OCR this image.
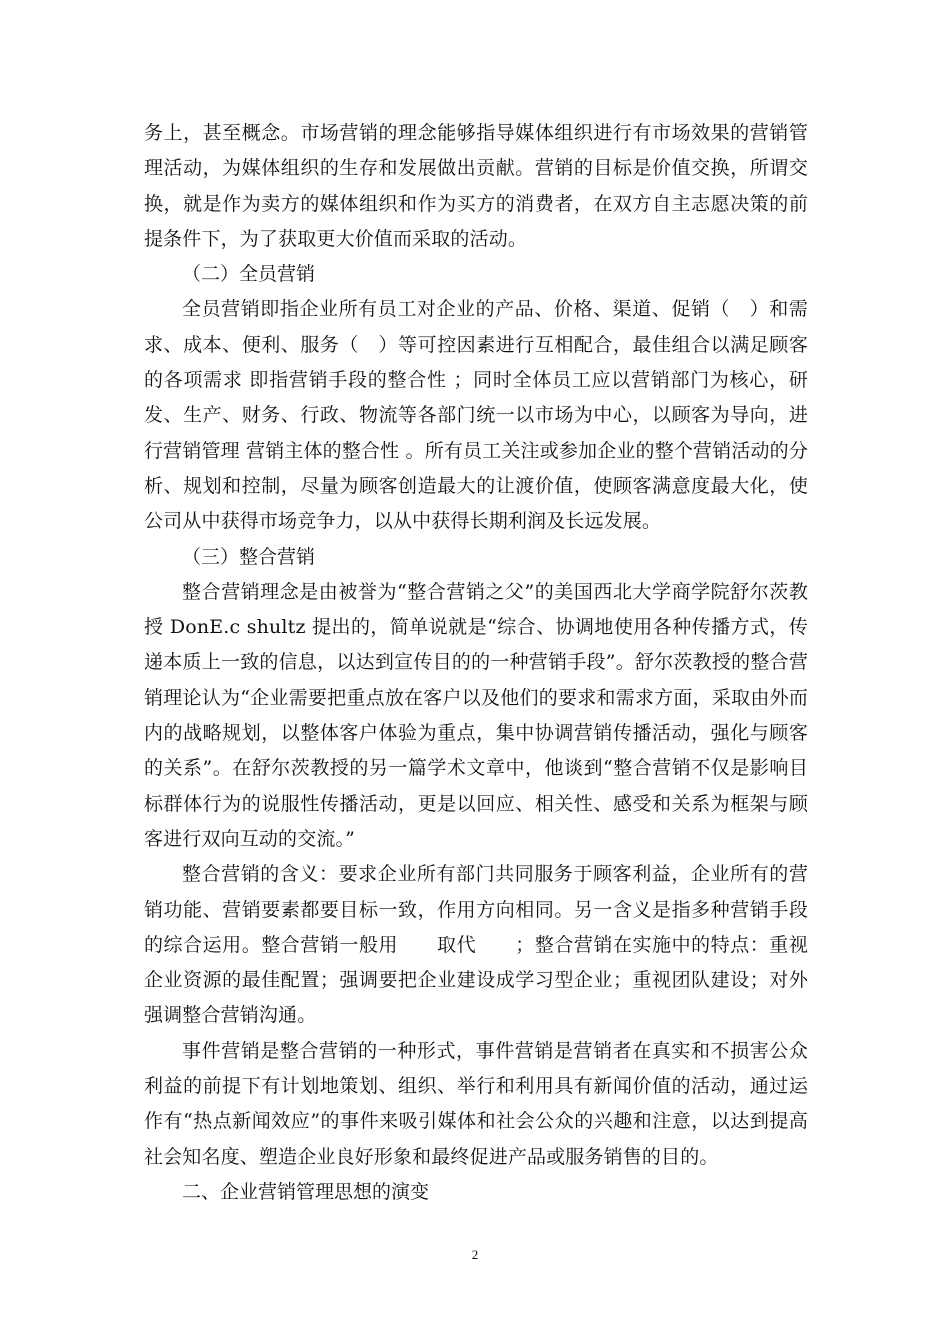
务上，甚至概念。市场营销的理念能够指导媒体组织进行有市场效果的营销管理活动，为媒体组织的生存和发展做出贡献。营销的目标是价值交换，所谓交换，就是作为卖方的媒体组织和作为买方的消费者，在双方自主志愿决策的前提条件下，为了获取更大价值而采取的活动。

（二）全员营销

全员营销即指企业所有员工对企业的产品、价格、渠道、促销（　）和需求、成本、便利、服务（　）等可控因素进行互相配合，最佳组合以满足顾客的各项需求 即指营销手段的整合性 ；同时全体员工应以营销部门为核心，研发、生产、财务、行政、物流等各部门统一以市场为中心，以顾客为导向，进行营销管理 营销主体的整合性 。所有员工关注或参加企业的整个营销活动的分析、规划和控制，尽量为顾客创造最大的让渡价值，使顾客满意度最大化，使公司从中获得市场竞争力，以从中获得长期利润及长远发展。

（三）整合营销

整合营销理念是由被誉为“整合营销之父”的美国西北大学商学院舒尔茨教授 DonE.c shultz 提出的，简单说就是“综合、协调地使用各种传播方式，传递本质上一致的信息，以达到宣传目的的一种营销手段”。舒尔茨教授的整合营销理论认为“企业需要把重点放在客户以及他们的要求和需求方面，采取由外而内的战略规划，以整体客户体验为重点，集中协调营销传播活动，强化与顾客的关系”。在舒尔茨教授的另一篇学术文章中，他谈到“整合营销不仅是影响目标群体行为的说服性传播活动，更是以回应、相关性、感受和关系为框架与顾客进行双向互动的交流。”

整合营销的含义：要求企业所有部门共同服务于顾客利益，企业所有的营销功能、营销要素都要目标一致，作用方向相同。另一含义是指多种营销手段的综合运用。整合营销一般用　　取代　　；整合营销在实施中的特点：重视企业资源的最佳配置；强调要把企业建设成学习型企业；重视团队建设；对外强调整合营销沟通。

事件营销是整合营销的一种形式，事件营销是营销者在真实和不损害公众利益的前提下有计划地策划、组织、举行和利用具有新闻价值的活动，通过运作有“热点新闻效应”的事件来吸引媒体和社会公众的兴趣和注意，以达到提高社会知名度、塑造企业良好形象和最终促进产品或服务销售的目的。

二、企业营销管理思想的演变

2
